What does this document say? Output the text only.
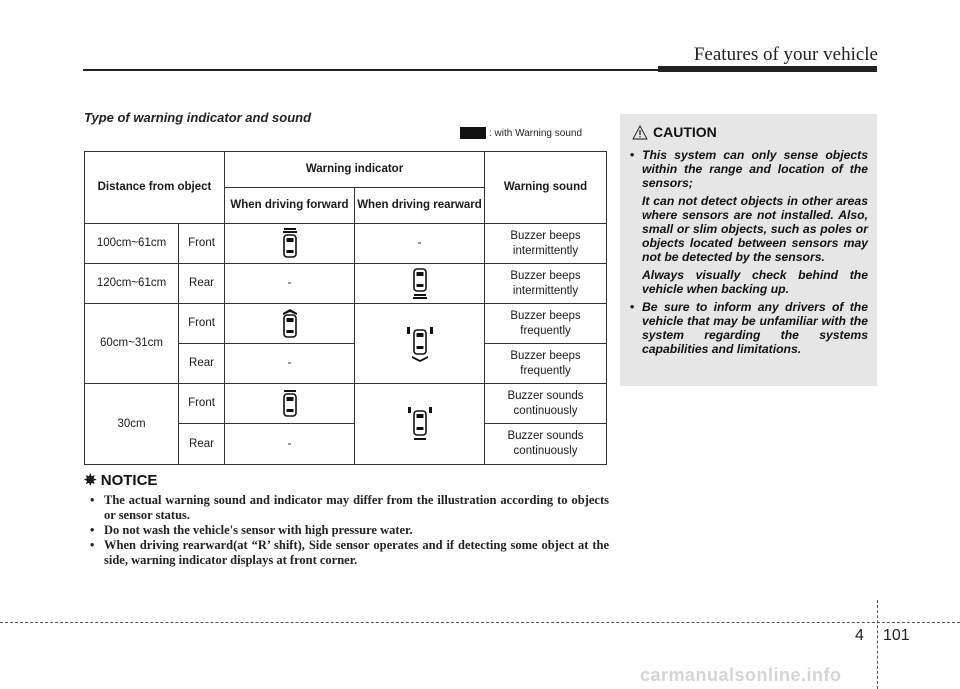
Features of your vehicle
Type of warning indicator and sound
: with Warning sound
Distance from object		Warning indicator		Warning sound
		When driving forward	When driving rearward	
100cm~61cm	Front		-	Buzzer beeps intermittently
120cm~61cm	Rear	-		Buzzer beeps intermittently
60cm~31cm	Front			Buzzer beeps frequently
	Rear	-		Buzzer beeps frequently
30cm	Front			Buzzer sounds continuously
	Rear	-		Buzzer sounds continuously
✵ NOTICE
• The actual warning sound and indicator may differ from the illustration according to objects or sensor status.
• Do not wash the vehicle's sensor with high pressure water.
• When driving rearward(at “R’ shift), Side sensor operates and if detecting some object at the side, warning indicator displays at front corner.
CAUTION

• This system can only sense objects within the range and location of the sensors;

It can not detect objects in other areas where sensors are not installed. Also, small or slim objects, such as poles or objects located between sensors may not be detected by the sensors.

Always visually check behind the vehicle when backing up.

• Be sure to inform any drivers of the vehicle that may be unfamiliar with the system regarding the systems capabilities and limitations.
4 101
carmanualsonline.info
